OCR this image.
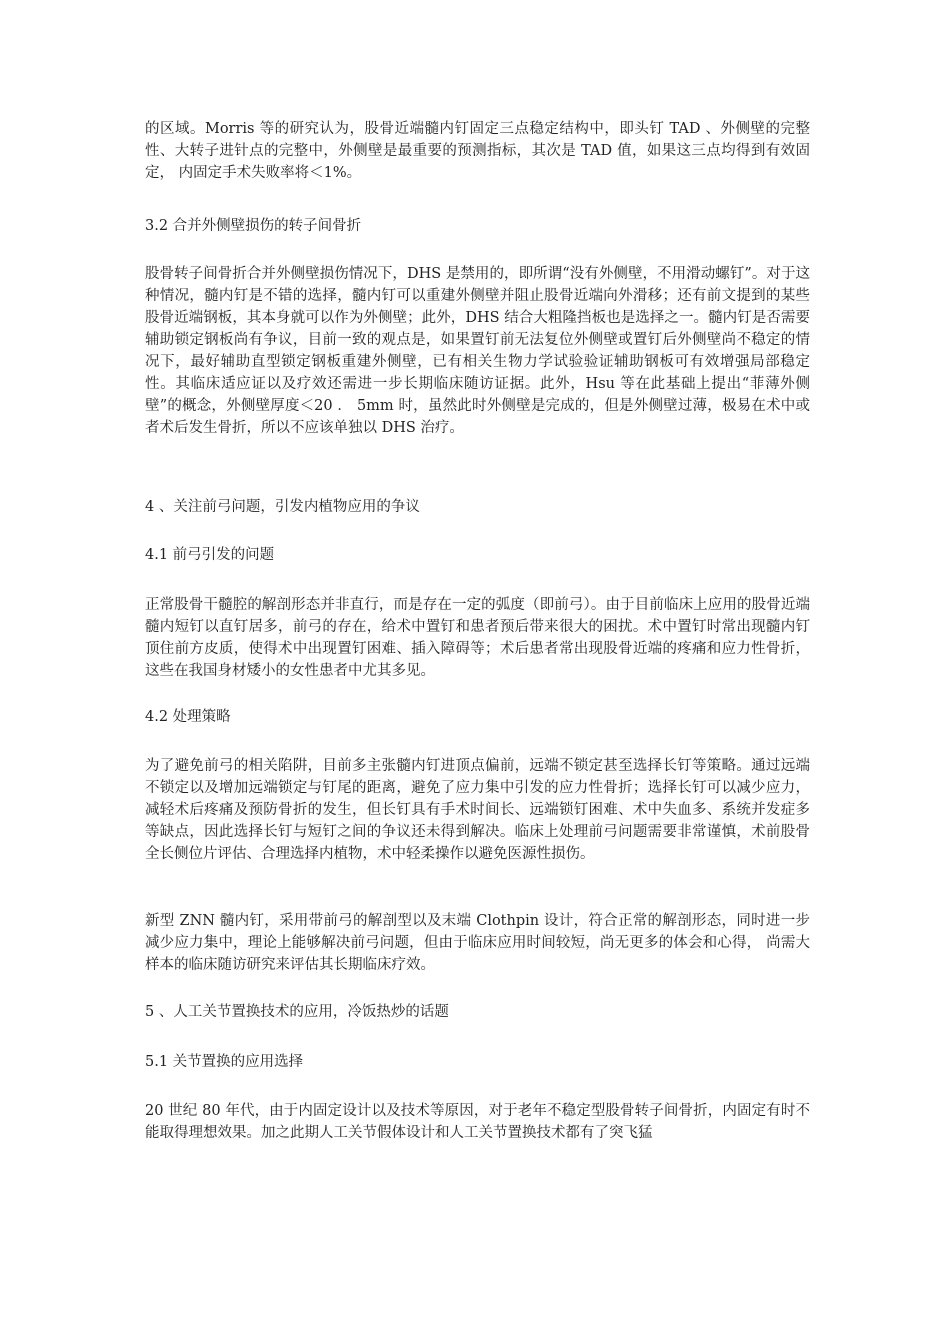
的区域。Morris 等的研究认为，股骨近端髓内钉固定三点稳定结构中，即头钉 TAD 、外侧壁的完整性、大转子进针点的完整中，外侧壁是最重要的预测指标，其次是 TAD 值，如果这三点均得到有效固定， 内固定手术失败率将＜1%。

3.2 合并外侧壁损伤的转子间骨折

股骨转子间骨折合并外侧壁损伤情况下，DHS 是禁用的，即所谓“没有外侧壁，不用滑动螺钉”。对于这种情况，髓内钉是不错的选择，髓内钉可以重建外侧壁并阻止股骨近端向外滑移；还有前文提到的某些股骨近端钢板，其本身就可以作为外侧壁；此外，DHS 结合大粗隆挡板也是选择之一。髓内钉是否需要辅助锁定钢板尚有争议，目前一致的观点是，如果置钉前无法复位外侧壁或置钉后外侧壁尚不稳定的情况下，最好辅助直型锁定钢板重建外侧壁，已有相关生物力学试验验证辅助钢板可有效增强局部稳定性。其临床适应证以及疗效还需进一步长期临床随访证据。此外，Hsu 等在此基础上提出“菲薄外侧壁”的概念，外侧壁厚度＜20 ． 5mm 时，虽然此时外侧壁是完成的，但是外侧壁过薄，极易在术中或者术后发生骨折，所以不应该单独以 DHS 治疗。

4 、关注前弓问题，引发内植物应用的争议

4.1 前弓引发的问题

正常股骨干髓腔的解剖形态并非直行，而是存在一定的弧度（即前弓）。由于目前临床上应用的股骨近端髓内短钉以直钉居多，前弓的存在，给术中置钉和患者预后带来很大的困扰。术中置钉时常出现髓内钉顶住前方皮质，使得术中出现置钉困难、插入障碍等；术后患者常出现股骨近端的疼痛和应力性骨折，这些在我国身材矮小的女性患者中尤其多见。

4.2 处理策略

为了避免前弓的相关陷阱，目前多主张髓内钉进顶点偏前，远端不锁定甚至选择长钉等策略。通过远端不锁定以及增加远端锁定与钉尾的距离，避免了应力集中引发的应力性骨折；选择长钉可以减少应力，减轻术后疼痛及预防骨折的发生，但长钉具有手术时间长、远端锁钉困难、术中失血多、系统并发症多等缺点，因此选择长钉与短钉之间的争议还未得到解决。临床上处理前弓问题需要非常谨慎，术前股骨全长侧位片评估、合理选择内植物，术中轻柔操作以避免医源性损伤。

新型 ZNN 髓内钉，采用带前弓的解剖型以及末端 Clothpin 设计，符合正常的解剖形态，同时进一步减少应力集中，理论上能够解决前弓问题，但由于临床应用时间较短，尚无更多的体会和心得， 尚需大样本的临床随访研究来评估其长期临床疗效。

5 、人工关节置换技术的应用，冷饭热炒的话题

5.1 关节置换的应用选择

20 世纪 80 年代，由于内固定设计以及技术等原因，对于老年不稳定型股骨转子间骨折，内固定有时不能取得理想效果。加之此期人工关节假体设计和人工关节置换技术都有了突飞猛
